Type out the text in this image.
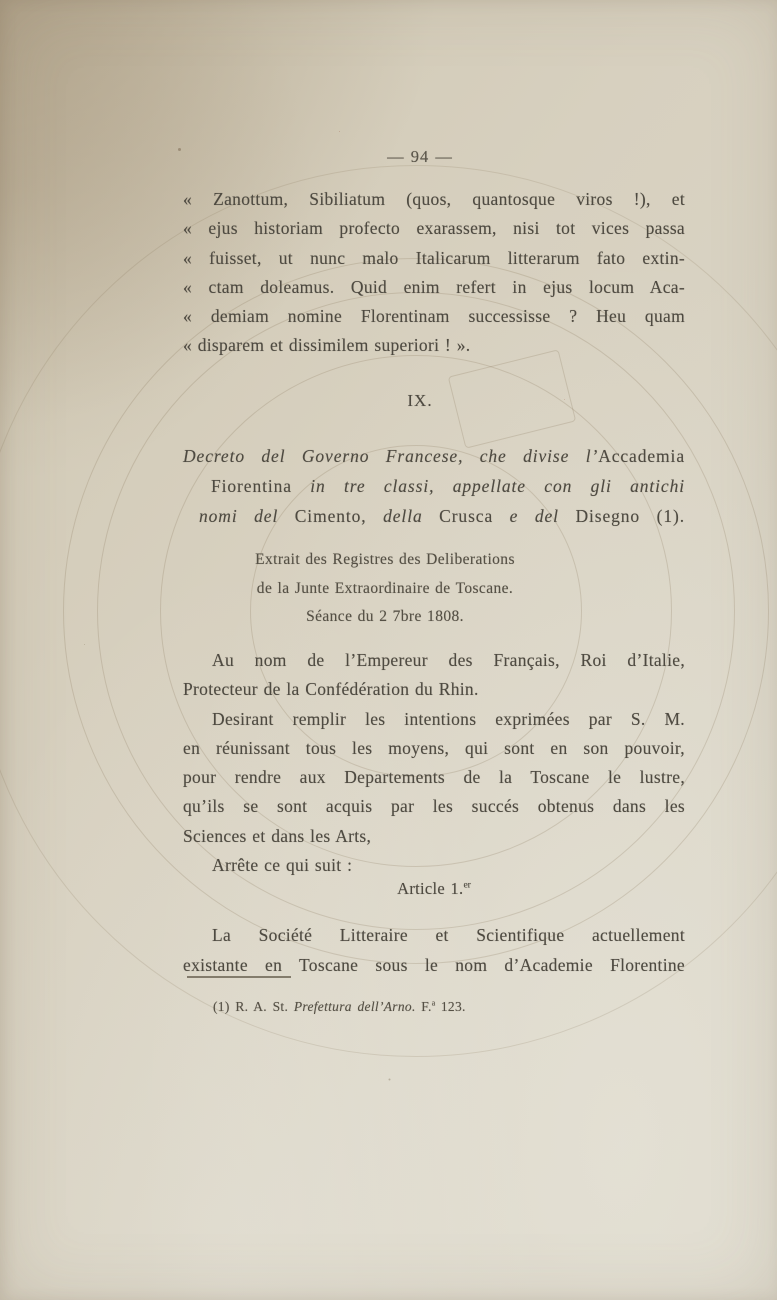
— 94 —
« Zanottum, Sibiliatum (quos, quantosque viros !), et
« ejus historiam profecto exarassem, nisi tot vices passa
« fuisset, ut nunc malo Italicarum litterarum fato extin-
« ctam doleamus. Quid enim refert in ejus locum Aca-
« demiam nomine Florentinam successisse ? Heu quam
« disparem et dissimilem superiori ! ».
IX.
Decreto del Governo Francese, che divise l’Accademia
Fiorentina in tre classi, appellate con gli antichi
nomi del Cimento, della Crusca e del Disegno (1).
Extrait des Registres des Deliberations
de la Junte Extraordinaire de Toscane.
Séance du 2 7bre 1808.
Au nom de l’Empereur des Français, Roi d’Italie,
Protecteur de la Confédération du Rhin.
Desirant remplir les intentions exprimées par S. M.
en réunissant tous les moyens, qui sont en son pouvoir,
pour rendre aux Departements de la Toscane le lustre,
qu’ils se sont acquis par les succés obtenus dans les
Sciences et dans les Arts,
Arrête ce qui suit :
Article 1.$^{er}$
La Société Litteraire et Scientifique actuellement
existante en Toscane sous le nom d’Academie Florentine
(1) R. A. St. Prefettura dell’Arno. F.$^a$ 123.
